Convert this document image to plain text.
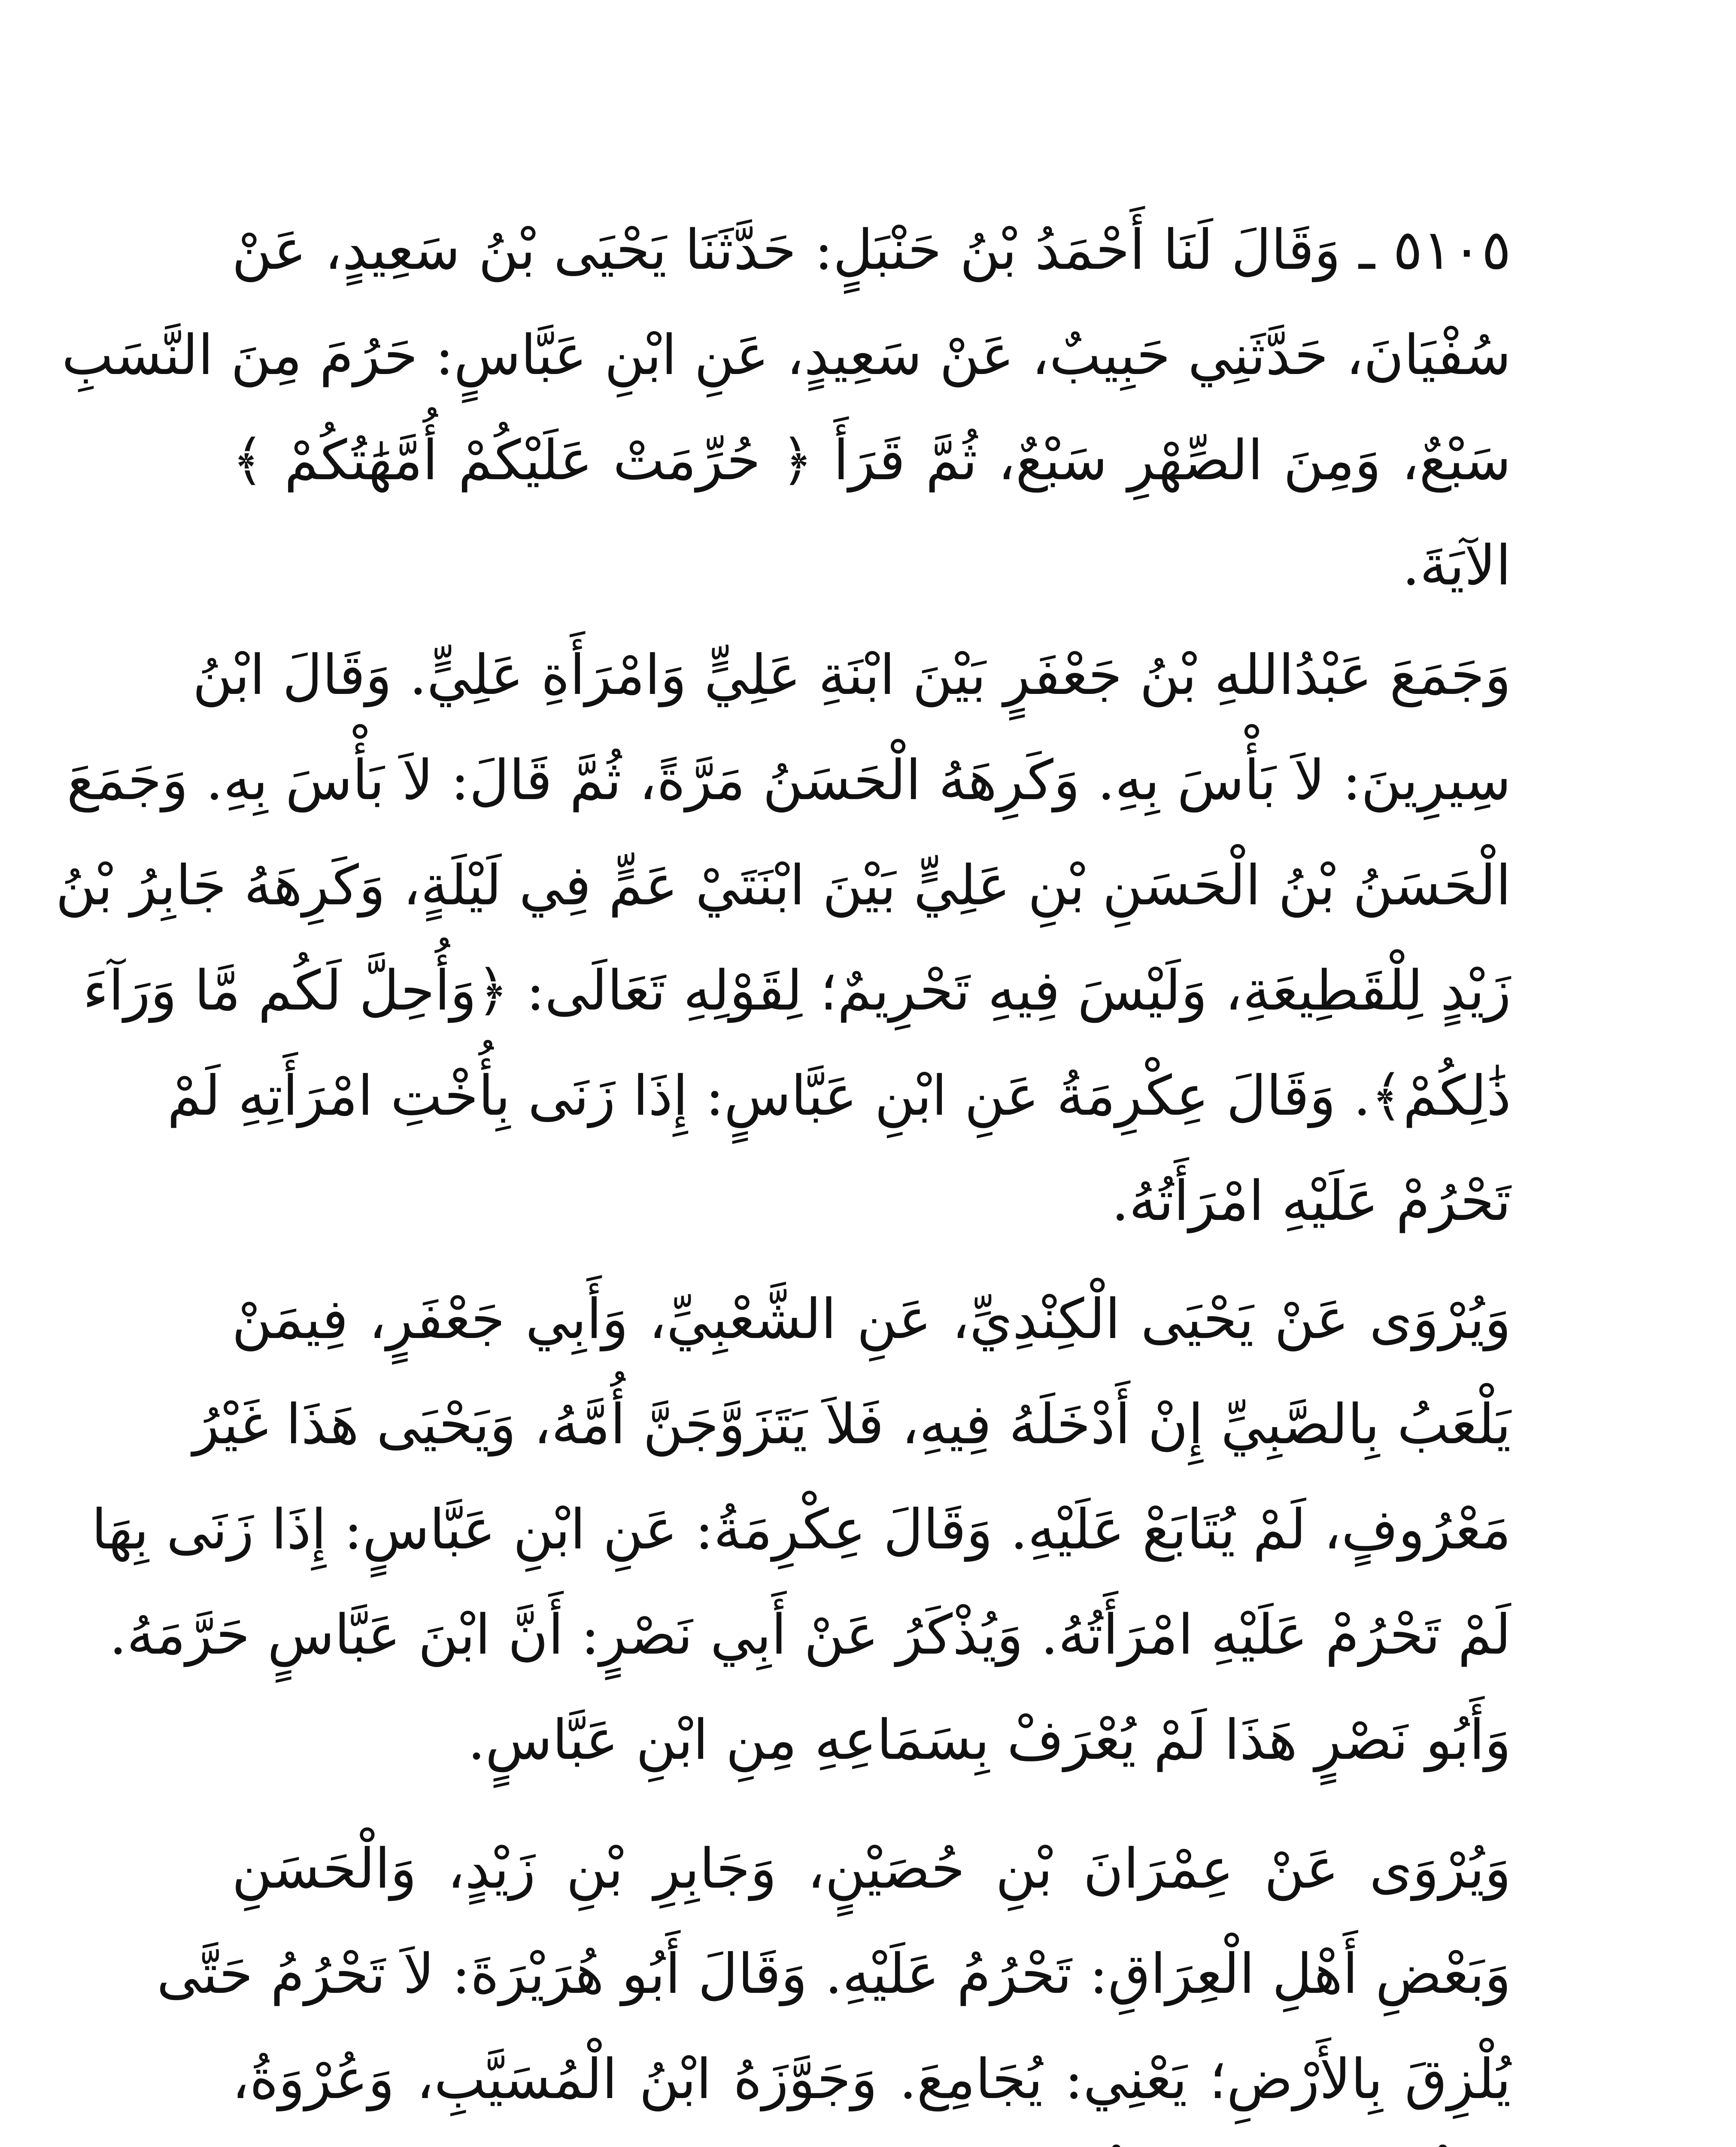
٥١٠٥ ـ وَقَالَ لَنَا أَحْمَدُ بْنُ حَنْبَلٍ: حَدَّثَنَا يَحْيَى بْنُ سَعِيدٍ، عَنْ
سُفْيَانَ، حَدَّثَنِي حَبِيبٌ، عَنْ سَعِيدٍ، عَنِ ابْنِ عَبَّاسٍ: حَرُمَ مِنَ النَّسَبِ
سَبْعٌ، وَمِنَ الصِّهْرِ سَبْعٌ، ثُمَّ قَرَأَ ﴿ حُرِّمَتْ عَلَيْكُمْ أُمَّهَٰتُكُمْ ﴾
الآيَةَ.
وَجَمَعَ عَبْدُاللهِ بْنُ جَعْفَرٍ بَيْنَ ابْنَةِ عَلِيٍّ وَامْرَأَةِ عَلِيٍّ. وَقَالَ ابْنُ
سِيرِينَ: لاَ بَأْسَ بِهِ. وَكَرِهَهُ الْحَسَنُ مَرَّةً، ثُمَّ قَالَ: لاَ بَأْسَ بِهِ. وَجَمَعَ
الْحَسَنُ بْنُ الْحَسَنِ بْنِ عَلِيٍّ بَيْنَ ابْنَتَيْ عَمٍّ فِي لَيْلَةٍ، وَكَرِهَهُ جَابِرُ بْنُ
زَيْدٍ لِلْقَطِيعَةِ، وَلَيْسَ فِيهِ تَحْرِيمٌ؛ لِقَوْلِهِ تَعَالَى: ﴿وَأُحِلَّ لَكُم مَّا وَرَآءَ
ذَٰلِكُمْ﴾. وَقَالَ عِكْرِمَةُ عَنِ ابْنِ عَبَّاسٍ: إِذَا زَنَى بِأُخْتِ امْرَأَتِهِ لَمْ
تَحْرُمْ عَلَيْهِ امْرَأَتُهُ.
وَيُرْوَى عَنْ يَحْيَى الْكِنْدِيِّ، عَنِ الشَّعْبِيِّ، وَأَبِي جَعْفَرٍ، فِيمَنْ
يَلْعَبُ بِالصَّبِيِّ إِنْ أَدْخَلَهُ فِيهِ، فَلاَ يَتَزَوَّجَنَّ أُمَّهُ، وَيَحْيَى هَذَا غَيْرُ
مَعْرُوفٍ، لَمْ يُتَابَعْ عَلَيْهِ. وَقَالَ عِكْرِمَةُ: عَنِ ابْنِ عَبَّاسٍ: إِذَا زَنَى بِهَا
لَمْ تَحْرُمْ عَلَيْهِ امْرَأَتُهُ. وَيُذْكَرُ عَنْ أَبِي نَصْرٍ: أَنَّ ابْنَ عَبَّاسٍ حَرَّمَهُ.
وَأَبُو نَصْرٍ هَذَا لَمْ يُعْرَفْ بِسَمَاعِهِ مِنِ ابْنِ عَبَّاسٍ.
وَيُرْوَى عَنْ عِمْرَانَ بْنِ حُصَيْنٍ، وَجَابِرِ بْنِ زَيْدٍ، وَالْحَسَنِ
وَبَعْضِ أَهْلِ الْعِرَاقِ: تَحْرُمُ عَلَيْهِ. وَقَالَ أَبُو هُرَيْرَةَ: لاَ تَحْرُمُ حَتَّى
يُلْزِقَ بِالأَرْضِ؛ يَعْنِي: يُجَامِعَ. وَجَوَّزَهُ ابْنُ الْمُسَيَّبِ، وَعُرْوَةُ،
